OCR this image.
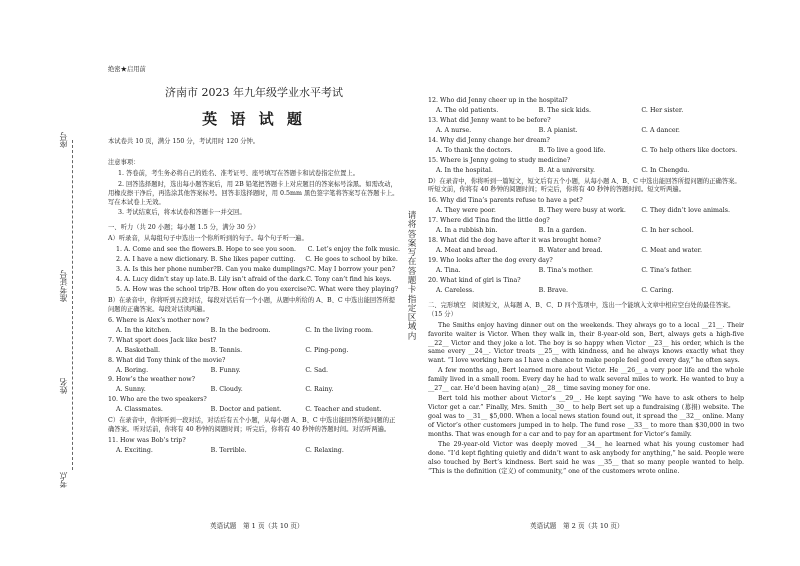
座号
准考证号
姓名
考点
绝密★启用前
济南市 2023 年九年级学业水平考试
英 语 试 题
本试卷共 10 页，满分 150 分，考试用时 120 分钟。
注意事项：
1. 答卷前，考生务必将自己的姓名、准考证号、座号填写在答题卡和试卷指定位置上。
2. 回答选择题时，选出每小题答案后，用 2B 铅笔把答题卡上对应题目的答案标号涂黑。如需改动，用橡皮擦干净后，再选涂其他答案标号。回答非选择题时，用 0.5mm 黑色签字笔将答案写在答题卡上。写在本试卷上无效。
3. 考试结束后，将本试卷和答题卡一并交回。
一、听力（共 20 小题；每小题 1.5 分，满分 30 分）
A）听录音，从每组句子中选出一个你所听到的句子。每个句子听一遍。
1. A. Come and see the flowers. B. Hope to see you soon.	C. Let’s enjoy the folk music.
2. A. I have a new dictionary. B. She likes paper cutting.	C. He goes to school by bike.
3. A. Is this her phone number? B. Can you make dumplings? C. May I borrow your pen?
4. A. Lucy didn’t stay up late. B. Lily isn’t afraid of the dark. C. Tony can’t find his keys.
5. A. How was the school trip? B. How often do you exercise? C. What were they playing?
B）在录音中，你将听到五段对话，每段对话后有一个小题，从题中所给的 A、B、C 中选出能回答所提问题的正确答案。每段对话读两遍。
6. Where is Alex’s mother now?
A. In the kitchen.	B. In the bedroom.	C. In the living room.
7. What sport does Jack like best?
A. Basketball.	B. Tennis.	C. Ping-pong.
8. What did Tony think of the movie?
A. Boring.	B. Funny.	C. Sad.
9. How’s the weather now?
A. Sunny.	B. Cloudy.	C. Rainy.
10. Who are the two speakers?
A. Classmates.	B. Doctor and patient.	C. Teacher and student.
C）在录音中，你将听到一段对话，对话后有五个小题，从每小题 A、B、C 中选出能回答所提问题的正确答案。听对话前，你将有 40 秒钟的阅题时间；听完后，你将有 40 秒钟的答题时间。对话听两遍。
11. How was Bob’s trip?
A. Exciting.	B. Terrible.	C. Relaxing.
英语试题　第 1 页（共 10 页）
请
将
答
案
写
在
答
题
卡
指
定
区
域
内
12. Who did Jenny cheer up in the hospital?
A. The old patients.	B. The sick kids.	C. Her sister.
13. What did Jenny want to be before?
A. A nurse.	B. A pianist.	C. A dancer.
14. Why did Jenny change her dream?
A. To thank the doctors.	B. To live a good life.	C. To help others like doctors.
15. Where is Jenny going to study medicine?
A. In the hospital.	B. At a university.	C. In Chengdu.
D）在录音中，你将听到一篇短文，短文后有五个小题，从每小题 A、B、C 中选出能回答所提问题的正确答案。听短文前，你将有 40 秒钟的阅题时间；听完后，你将有 40 秒钟的答题时间。短文听两遍。
16. Why did Tina’s parents refuse to have a pet?
A. They were poor.	B. They were busy at work.	C. They didn’t love animals.
17. Where did Tina find the little dog?
A. In a rubbish bin.	B. In a garden.	C. In her school.
18. What did the dog have after it was brought home?
A. Meat and bread.	B. Water and bread.	C. Meat and water.
19. Who looks after the dog every day?
A. Tina.	B. Tina’s mother.	C. Tina’s father.
20. What kind of girl is Tina?
A. Careless.	B. Brave.	C. Caring.
二、完形填空　阅读短文，从每题 A、B、C、D 四个选项中，选出一个能填入文章中相应空白处的最佳答案。（15 分）
The Smiths enjoy having dinner out on the weekends. They always go to a local __21__. Their favorite waiter is Victor. When they walk in, their 8-year-old son, Bert, always gets a high-five __22__ Victor and they joke a lot. The boy is so happy when Victor __23__ his order, which is the same every __24__. Victor treats __25__ with kindness, and he always knows exactly what they want. “I love working here as I have a chance to make people feel good every day,” he often says.
A few months ago, Bert learned more about Victor. He __26__ a very poor life and the whole family lived in a small room. Every day he had to walk several miles to work. He wanted to buy a __27__ car. He’d been having a(an) __28__ time saving money for one.
Bert told his mother about Victor’s __29__. He kept saying “We have to ask others to help Victor get a car.” Finally, Mrs. Smith __30__ to help Bert set up a fundraising (募捐) website. The goal was to __31__ $5,000. When a local news station found out, it spread the __32__ online. Many of Victor’s other customers jumped in to help. The fund rose __33__ to more than $30,000 in two months. That was enough for a car and to pay for an apartment for Victor’s family.
The 29-year-old Victor was deeply moved __34__ he learned what his young customer had done. “I’d kept fighting quietly and didn’t want to ask anybody for anything,” he said. People were also touched by Bert’s kindness. Bert said he was __35__ that so many people wanted to help. “This is the definition (定义) of community,” one of the customers wrote online.
英语试题　第 2 页（共 10 页）
